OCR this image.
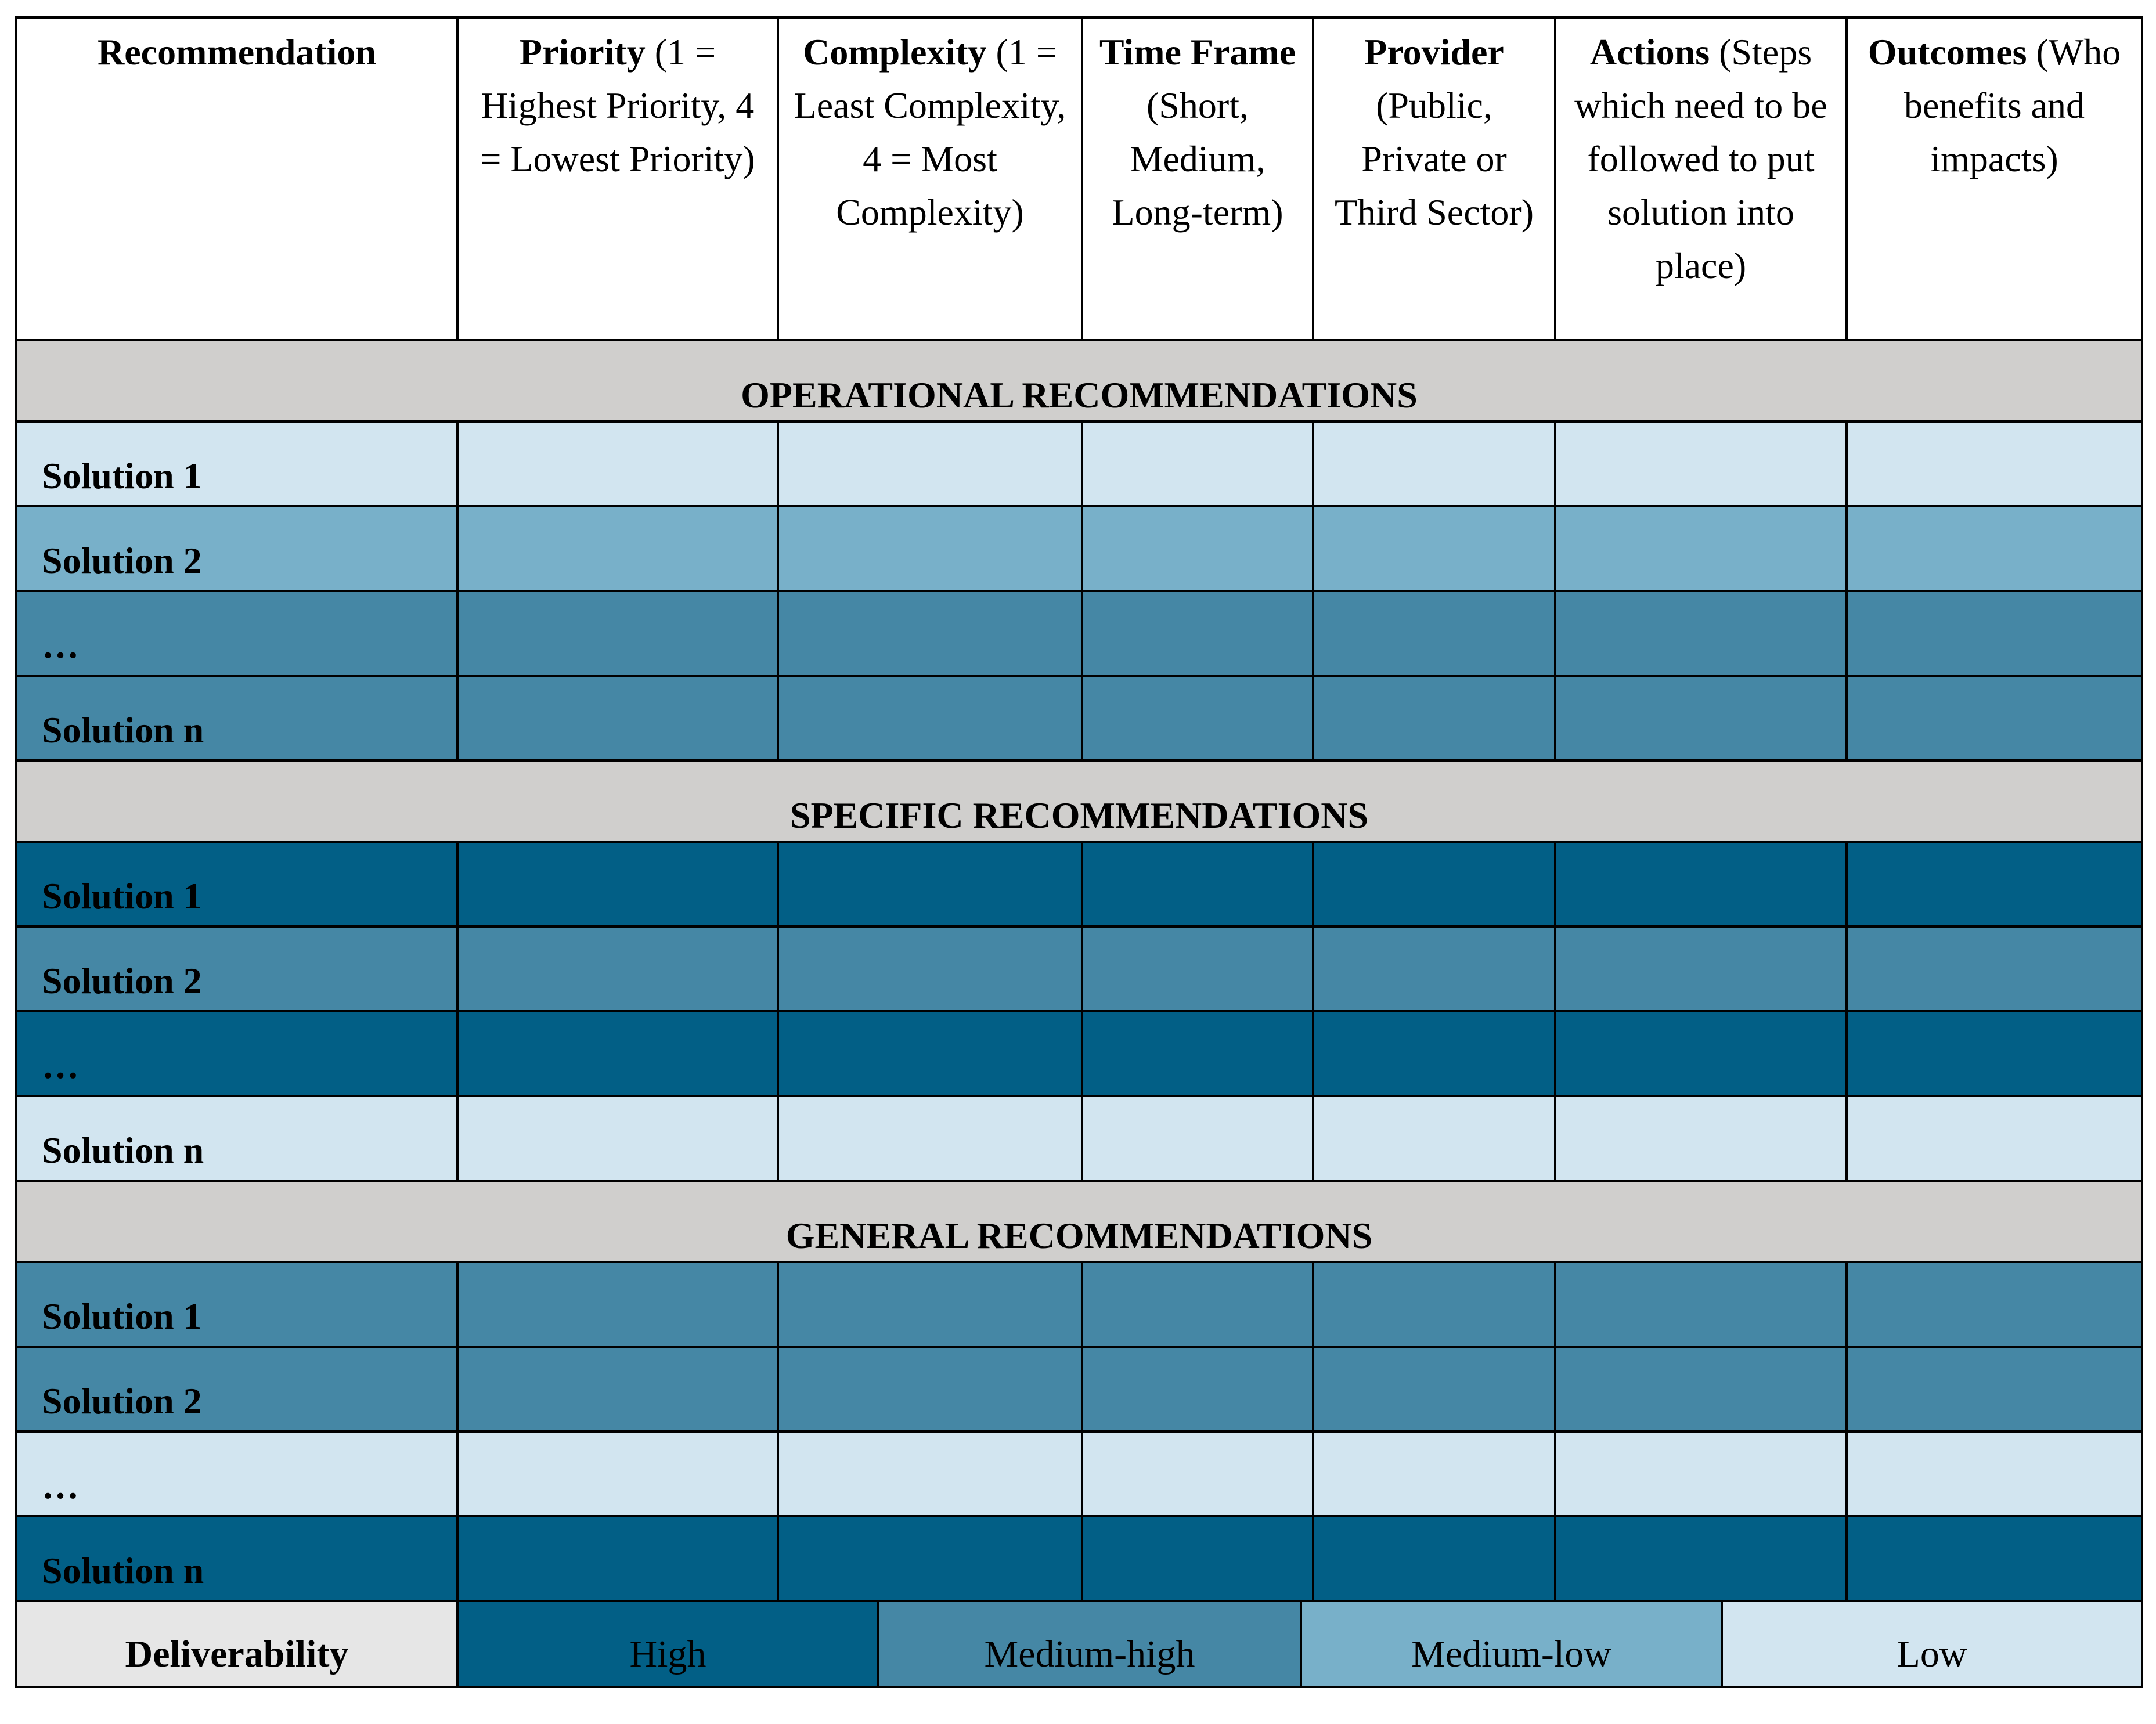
Recommendation	Priority (1 = Highest Priority, 4 = Lowest Priority)	Complexity (1 = Least Complexity, 4 = Most Complexity)	Time Frame (Short, Medium, Long-term)	Provider (Public, Private or Third Sector)	Actions (Steps which need to be followed to put solution into place)	Outcomes (Who benefits and impacts)
OPERATIONAL RECOMMENDATIONS						
Solution 1						
Solution 2						
…						
Solution n						
SPECIFIC RECOMMENDATIONS						
Solution 1						
Solution 2						
…						
Solution n						
GENERAL RECOMMENDATIONS						
Solution 1						
Solution 2						
…						
Solution n						
Deliverability	High	Medium-high	Medium-low	Low
